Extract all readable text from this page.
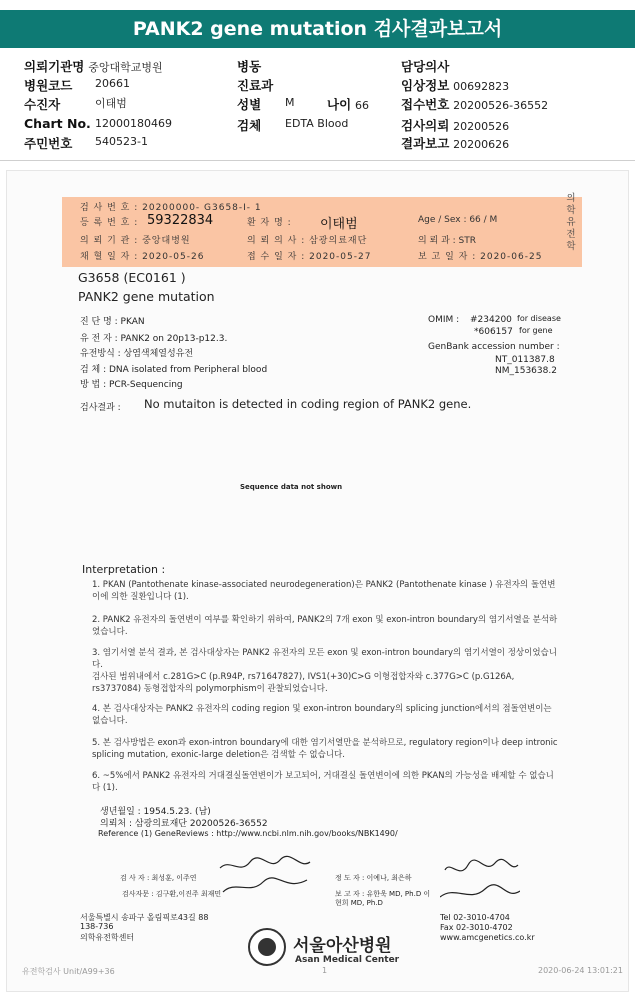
PANK2 gene mutation 검사결과보고서
의뢰기관명 중앙대학교병원
병원코드 20661
수진자	이태범
Chart No. 12000180469
주민번호 540523-1
병동
진료과
성별 M	나이 66
검체 EDTA Blood
담당의사
임상정보 00692823
접수번호 20200526-36552
검사의뢰 20200526
결과보고 20200626
검 사 번 호 : 20200000- G3658-I- 1
등 록 번 호 : 59322834	환 자 명 : 이태범	Age / Sex : 66 / M
의 뢰 기 관 : 중앙대병원	의 뢰 의 사 : 삼광의료재단	의 뢰 과 : STR
채 혈 일 자 : 2020-05-26	접 수 일 자 : 2020-05-27	보 고 일 자 : 2020-06-25
의학유전학
G3658 (EC0161 )
PANK2 gene mutation
진 단 명 : PKAN
유 전 자 : PANK2 on 20p13-p12.3.
유전방식 : 상염색체열성유전
검 체 : DNA isolated from Peripheral blood
방 법 : PCR-Sequencing
OMIM : #234200 for disease
*606157 for gene
GenBank accession number :
NT_011387.8
NM_153638.2
검사결과 : No mutaiton is detected in coding region of PANK2 gene.
Sequence data not shown
Interpretation :
1. PKAN (Pantothenate kinase-associated neurodegeneration)은 PANK2 (Pantothenate kinase ) 유전자의 돌연변이에 의한 질환입니다 (1).
2. PANK2 유전자의 돌연변이 여부를 확인하기 위하여, PANK2의 7개 exon 및 exon-intron boundary의 염기서열을 분석하였습니다.
3. 염기서열 분석 결과, 본 검사대상자는 PANK2 유전자의 모든 exon 및 exon-intron boundary의 염기서열이 정상이었습니다.
검사된 범위내에서 c.281G>C (p.R94P, rs71647827), IVS1(+30)C>G 이형접합자와 c.377G>C (p.G126A, rs3737084) 동형접합자의 polymorphism이 관찰되었습니다.
4. 본 검사대상자는 PANK2 유전자의 coding region 및 exon-intron boundary의 splicing junction에서의 점돌연변이는 없습니다.
5. 본 검사방법은 exon과 exon-intron boundary에 대한 염기서열만을 분석하므로, regulatory region이나 deep intronic splicing mutation, exonic-large deletion은 검색할 수 없습니다.
6. ~5%에서 PANK2 유전자의 거대결실돌연변이가 보고되어, 거대결실 돌연변이에 의한 PKAN의 가능성을 배제할 수 없습니다 (1).
생년월일 : 1954.5.23. (남)
의뢰처 : 삼광의료재단 20200526-36552
Reference (1) GeneReviews : http://www.ncbi.nlm.nih.gov/books/NBK1490/
검 사 자 : 최성훈, 이주연	정 도 자 : 이예나, 최은하
검사자문 : 김구환,이진주 최재민	보 고 자 : 유한욱 MD, Ph.D 이현희 MD, Ph.D
서울특별시 송파구 올림픽로43길 88
138-736
의학유전학센터	서울아산병원
Asan Medical Center
Tel 02-3010-4704
Fax 02-3010-4702
www.amcgenetics.co.kr
유전학검사 Unit/A99+36	1	2020-06-24 13:01:21
